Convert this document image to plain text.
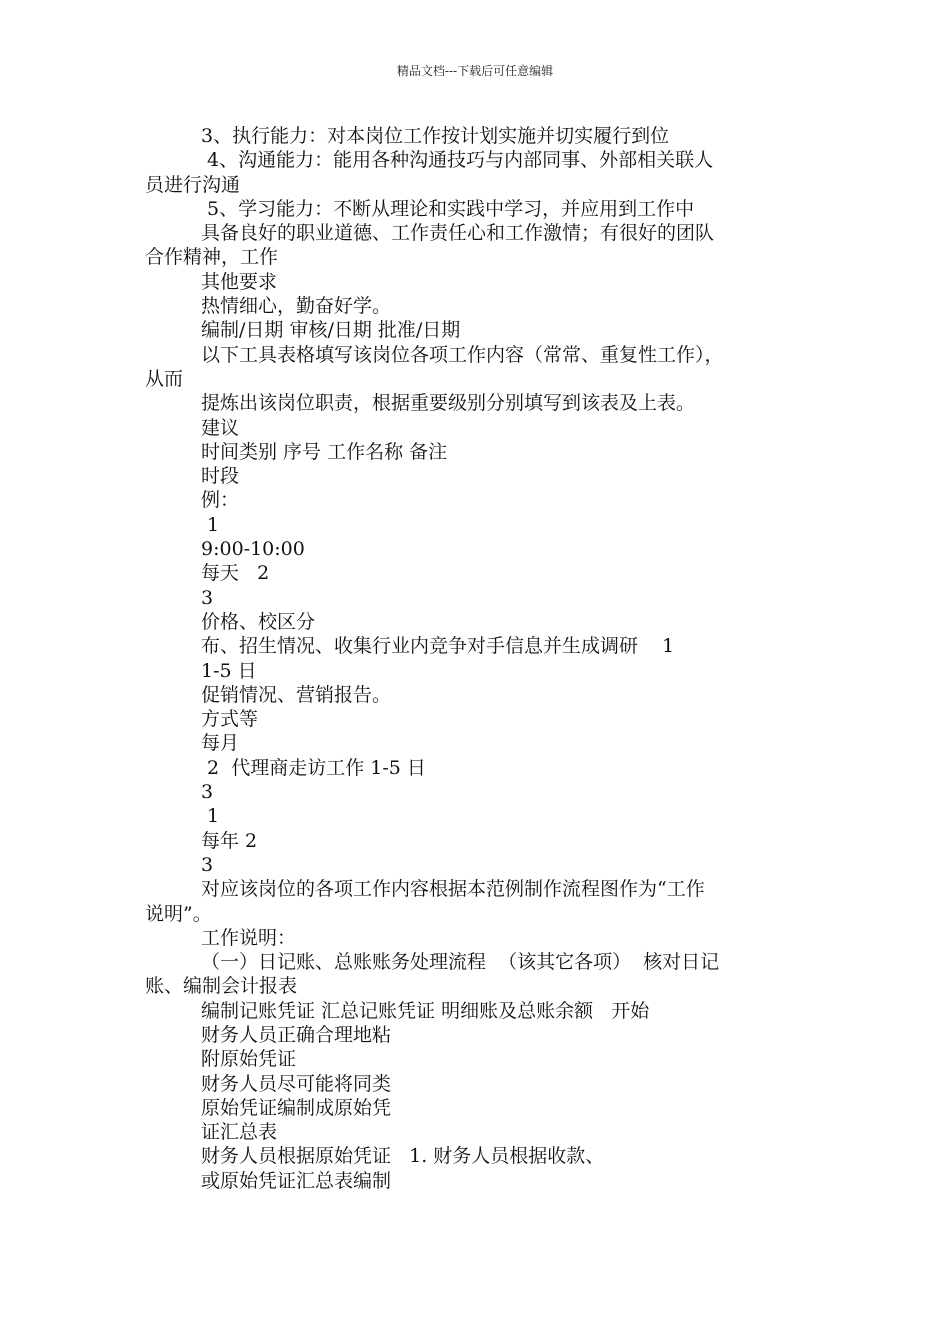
精品文档---下载后可任意编辑
3、执行能力：对本岗位工作按计划实施并切实履行到位
4、沟通能力：能用各种沟通技巧与内部同事、外部相关联人
员进行沟通
5、学习能力：不断从理论和实践中学习，并应用到工作中
具备良好的职业道德、工作责任心和工作激情；有很好的团队
合作精神，工作
其他要求
热情细心，勤奋好学。
编制/日期 审核/日期 批准/日期
以下工具表格填写该岗位各项工作内容（常常、重复性工作），
从而
提炼出该岗位职责，根据重要级别分别填写到该表及上表。
建议
时间类别 序号 工作名称 备注
时段
例：
1
9:00-10:00
每天   2
3
价格、校区分
布、招生情况、收集行业内竞争对手信息并生成调研    1
1-5 日
促销情况、营销报告。
方式等
每月
2  代理商走访工作 1-5 日
3
1
每年 2
3
对应该岗位的各项工作内容根据本范例制作流程图作为“工作
说明”。
工作说明：
（一）日记账、总账账务处理流程  （该其它各项）  核对日记
账、编制会计报表
编制记账凭证 汇总记账凭证 明细账及总账余额   开始
财务人员正确合理地粘
附原始凭证
财务人员尽可能将同类
原始凭证编制成原始凭
证汇总表
财务人员根据原始凭证   1. 财务人员根据收款、
或原始凭证汇总表编制
